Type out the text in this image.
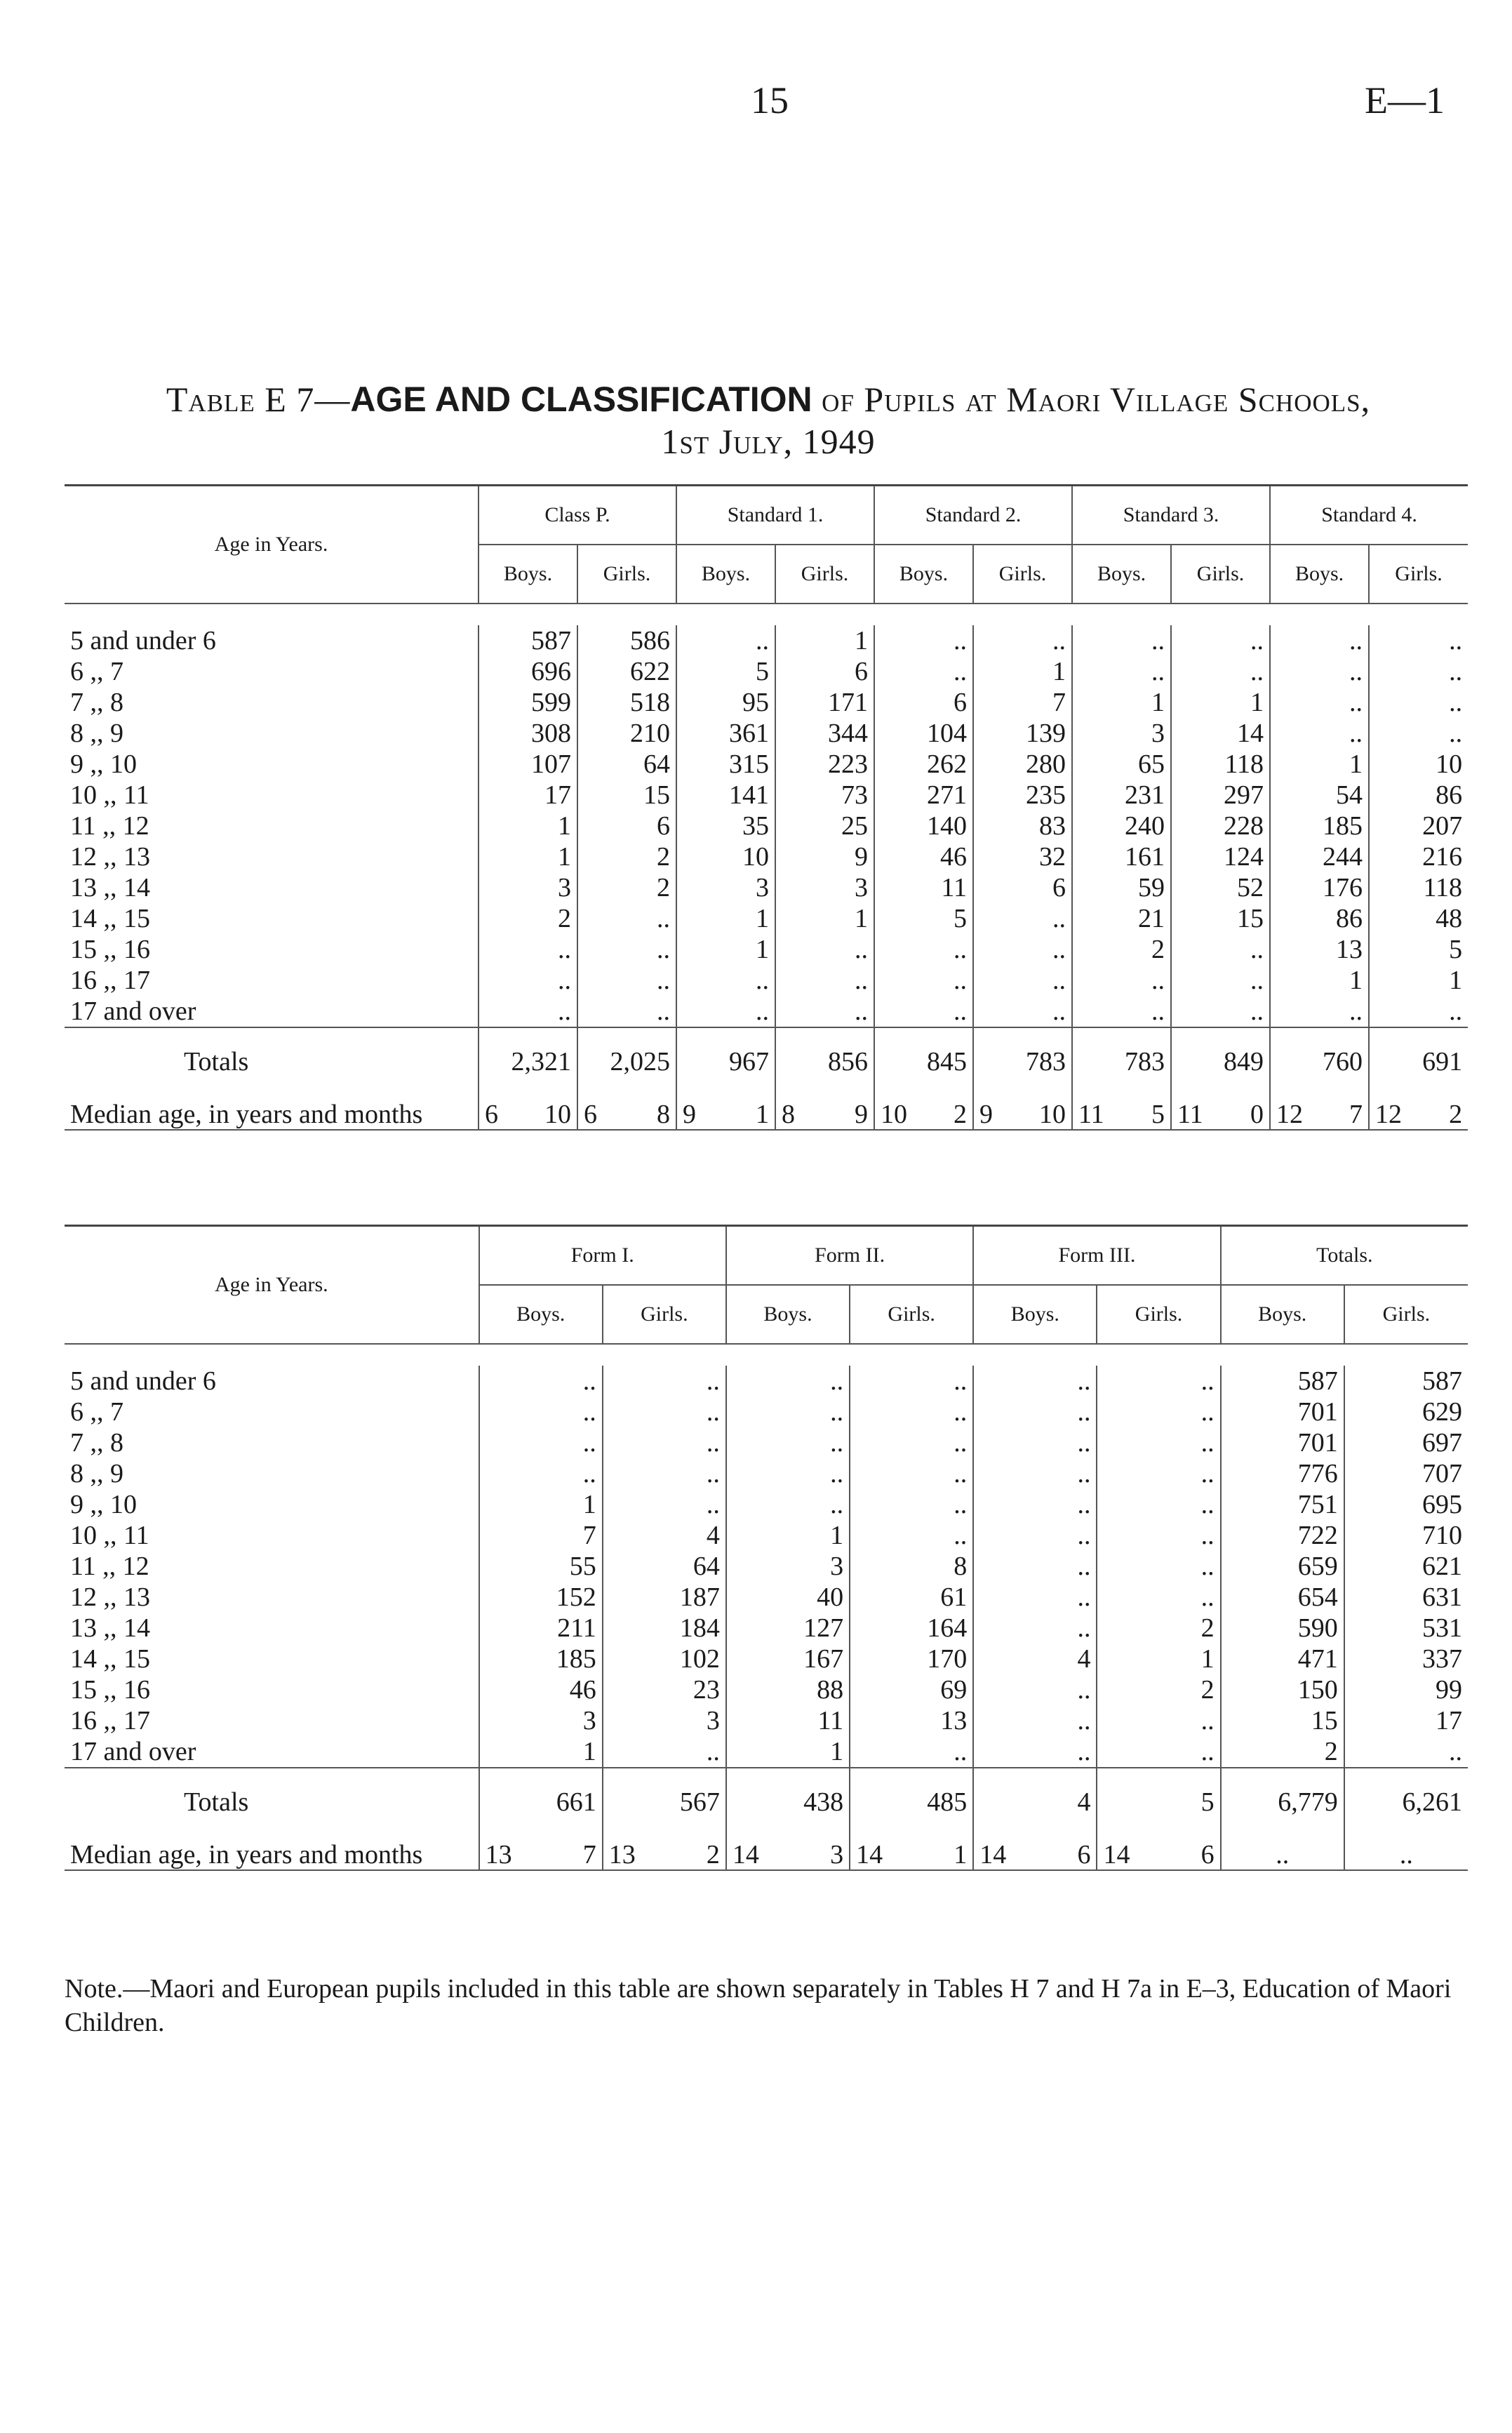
15	E—1
Table E 7—AGE AND CLASSIFICATION of Pupils at Maori Village Schools,
1st July, 1949
Age in Years.	Class P.		Standard 1.		Standard 2.		Standard 3.		Standard 4.	
	Boys.	Girls.	Boys.	Girls.	Boys.	Girls.	Boys.	Girls.	Boys.	Girls.

5 and under 6	587	586	..	1	..	..	..	..	..	..
6 ,, 7	696	622	5	6	..	1	..	..	..	..
7 ,, 8	599	518	95	171	6	7	1	1	..	..
8 ,, 9	308	210	361	344	104	139	3	14	..	..
9 ,, 10	107	64	315	223	262	280	65	118	1	10
10 ,, 11	17	15	141	73	271	235	231	297	54	86
11 ,, 12	1	6	35	25	140	83	240	228	185	207
12 ,, 13	1	2	10	9	46	32	161	124	244	216
13 ,, 14	3	2	3	3	11	6	59	52	176	118
14 ,, 15	2	..	1	1	5	..	21	15	86	48
15 ,, 16	..	..	1	..	..	..	2	..	13	5
16 ,, 17	..	..	..	..	..	..	..	..	1	1
17 and over	..	..	..	..	..	..	..	..	..	..
Totals	2,321	2,025	967	856	845	783	783	849	760	691
Median age, in years and months	6 10	6 8	9 1	8 9	10 2	9 10	11 5	11 0	12 7	12 2
Age in Years.	Form I.		Form II.		Form III.		Totals.	
	Boys.	Girls.	Boys.	Girls.	Boys.	Girls.	Boys.	Girls.

5 and under 6	..	..	..	..	..	..	587	587
6 ,, 7	..	..	..	..	..	..	701	629
7 ,, 8	..	..	..	..	..	..	701	697
8 ,, 9	..	..	..	..	..	..	776	707
9 ,, 10	1	..	..	..	..	..	751	695
10 ,, 11	7	4	1	..	..	..	722	710
11 ,, 12	55	64	3	8	..	..	659	621
12 ,, 13	152	187	40	61	..	..	654	631
13 ,, 14	211	184	127	164	..	2	590	531
14 ,, 15	185	102	167	170	4	1	471	337
15 ,, 16	46	23	88	69	..	2	150	99
16 ,, 17	3	3	11	13	..	..	15	17
17 and over	1	..	1	..	..	..	2	..
Totals	661	567	438	485	4	5	6,779	6,261
Median age, in years and months	13 7	13 2	14 3	14 1	14 6	14 6	..	..
Note.—Maori and European pupils included in this table are shown separately in Tables H 7 and H 7a in E–3, Education of Maori Children.
